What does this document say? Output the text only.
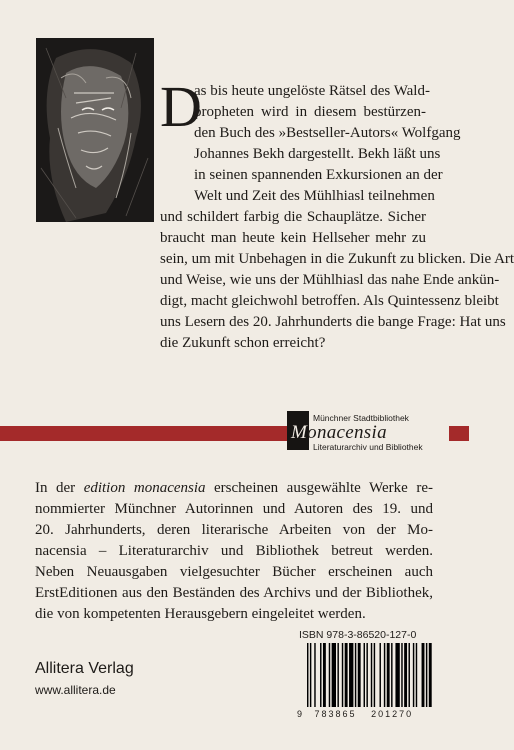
D
as bis heute ungelöste Rätsel des Wald-
propheten wird in diesem bestürzen-
den Buch des »Bestseller-Autors« Wolfgang
Johannes Bekh dargestellt. Bekh läßt uns
in seinen spannenden Exkursionen an der
Welt und Zeit des Mühlhiasl teilnehmen
und schildert farbig die Schauplätze. Sicher
braucht man heute kein Hellseher mehr zu
sein, um mit Unbehagen in die Zukunft zu blicken. Die Art
und Weise, wie uns der Mühlhiasl das nahe Ende ankün-
digt, macht gleichwohl betroffen. Als Quintessenz bleibt
uns Lesern des 20. Jahrhunderts die bange Frage: Hat uns
die Zukunft schon erreicht?
Münchner Stadtbibliothek
Monacensia
Literaturarchiv und Bibliothek
In der edition monacensia erscheinen ausgewählte Werke re-
nommierter Münchner Autorinnen und Autoren des 19. und
20. Jahrhunderts, deren literarische Arbeiten von der Mo-
nacensia – Literaturarchiv und Bibliothek betreut werden.
Neben Neuausgaben vielgesuchter Bücher erscheinen auch
ErstEditionen aus den Beständen des Archivs und der Bibliothek,
die von kompetenten Herausgebern eingeleitet werden.
ISBN 978-3-86520-127-0
9 783865 201270
Allitera Verlag
www.allitera.de
